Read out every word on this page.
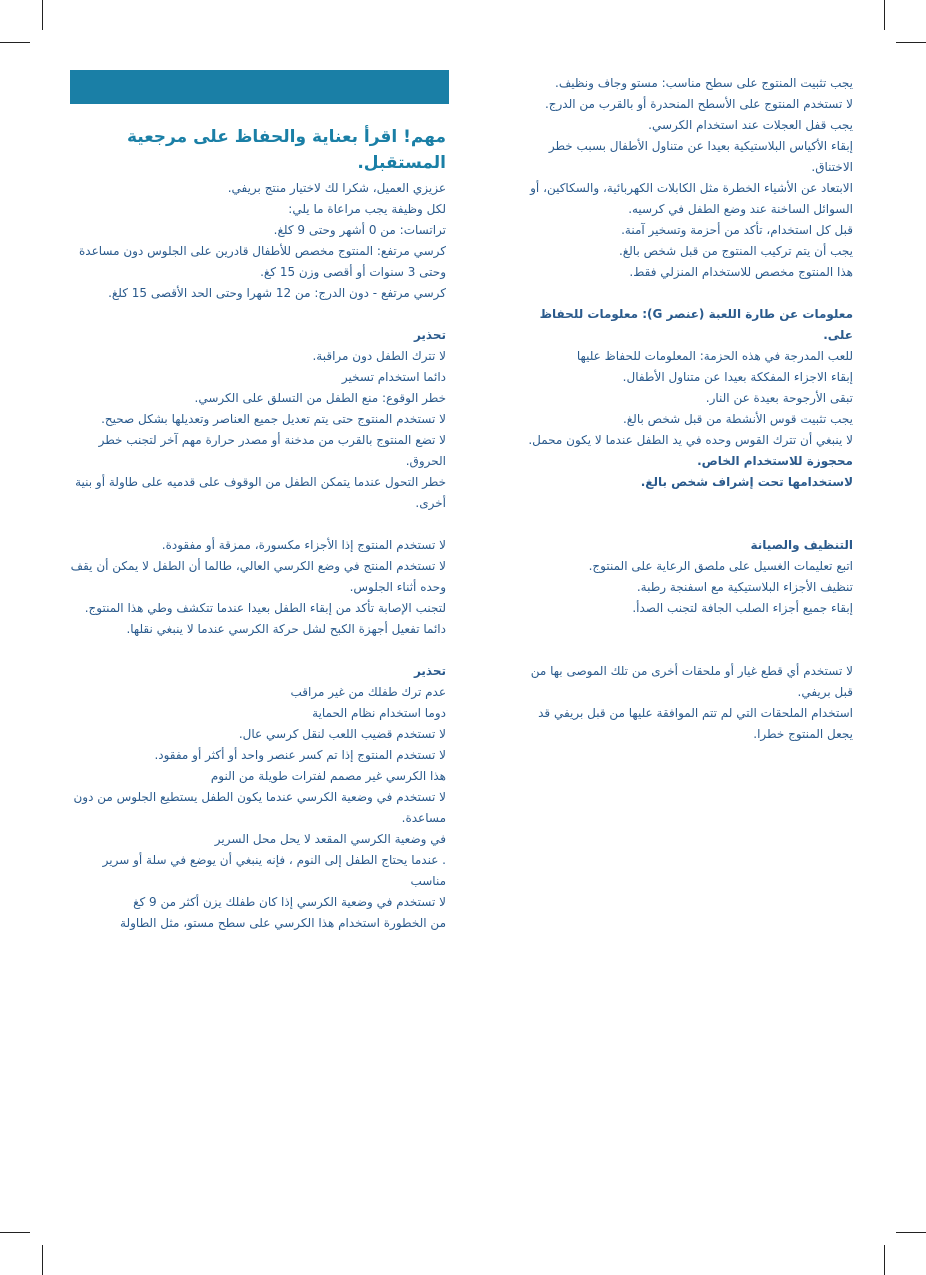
مهم! اقرأ بعناية والحفاظ على مرجعية المستقبل.

عزيزي العميل، شكرا لك لاختيار منتج بريفي.

لكل وظيفة يجب مراعاة ما يلي:

تراتسات: من 0 أشهر وحتى 9 كلغ.

كرسي مرتفع: المنتوج مخصص للأطفال قادرين على الجلوس دون مساعدة وحتى 3 سنوات أو أقصى وزن 15 كغ.

كرسي مرتفع - دون الدرج: من 12 شهرا وحتى الحد الأقصى 15 كلغ.

تحذير

لا تترك الطفل دون مراقبة.

دائما استخدام تسخير

خطر الوقوع: منع الطفل من التسلق على الكرسي.

لا تستخدم المنتوج حتى يتم تعديل جميع العناصر وتعديلها بشكل صحيح.

لا تضع المنتوج بالقرب من مدخنة أو مصدر حرارة مهم آخر لتجنب خطر الحروق.

خطر التحول عندما يتمكن الطفل من الوقوف على قدميه على طاولة أو بنية أخرى.

لا تستخدم المنتوج إذا الأجزاء مكسورة، ممزقة أو مفقودة.

لا تستخدم المنتج في وضع الكرسي العالي، طالما أن الطفل لا يمكن أن يقف وحده أثناء الجلوس.

لتجنب الإصابة تأكد من إبقاء الطفل بعيدا عندما تتكشف وطي هذا المنتوج.

دائما تفعيل أجهزة الكبح لشل حركة الكرسي عندما لا ينبغي نقلها.

تحذير

عدم ترك طفلك من غير مراقب

دوما استخدام نظام الحماية

لا تستخدم قضيب اللعب لنقل كرسي عال.

لا تستخدم المنتوج إذا تم كسر عنصر واحد أو أكثر أو مفقود.

هذا الكرسي غير مصمم لفترات طويلة من النوم

لا تستخدم في وضعية الكرسي عندما يكون الطفل يستطيع الجلوس من دون مساعدة.

في وضعية الكرسي المقعد لا يحل محل السرير

. عندما يحتاج الطفل إلى النوم ، فإنه ينبغي أن يوضع في سلة أو سرير مناسب

لا تستخدم في وضعية الكرسي إذا كان طفلك يزن أكثر من 9 كغ

من الخطورة استخدام هذا الكرسي على سطح مستو، مثل الطاولة

يجب تثبيت المنتوج على سطح مناسب: مستو وجاف ونظيف.

لا تستخدم المنتوج على الأسطح المنحدرة أو بالقرب من الدرج.

يجب قفل العجلات عند استخدام الكرسي.

إبقاء الأكياس البلاستيكية بعيدا عن متناول الأطفال بسبب خطر الاختناق.

الابتعاد عن الأشياء الخطرة مثل الكابلات الكهربائية، والسكاكين، أو السوائل الساخنة عند وضع الطفل في كرسيه.

قبل كل استخدام، تأكد من أحزمة وتسخير آمنة.

يجب أن يتم تركيب المنتوج من قبل شخص بالغ.

هذا المنتوج مخصص للاستخدام المنزلي فقط.

معلومات عن طارة اللعبة (عنصر G): معلومات للحفاظ على.

للعب المدرجة في هذه الحزمة: المعلومات للحفاظ عليها

إبقاء الاجزاء المفككة بعيدا عن متناول الأطفال.

تبقى الأرجوحة بعيدة عن النار.

يجب تثبيت قوس الأنشطة من قبل شخص بالغ.

لا ينبغي أن تترك القوس وحده في يد الطفل عندما لا يكون محمل.

محجوزة للاستخدام الخاص.

لاستخدامها تحت إشراف شخص بالغ.

التنظيف والصيانة

اتبع تعليمات الغسيل على ملصق الرعاية على المنتوج.

تنظيف الأجزاء البلاستيكية مع اسفنجة رطبة.

إبقاء جميع أجزاء الصلب الجافة لتجنب الصدأ.

لا تستخدم أي قطع غيار أو ملحقات أخرى من تلك الموصى بها من قبل بريفي.

استخدام الملحقات التي لم تتم الموافقة عليها من قبل بريفي قد يجعل المنتوج خطرا.
